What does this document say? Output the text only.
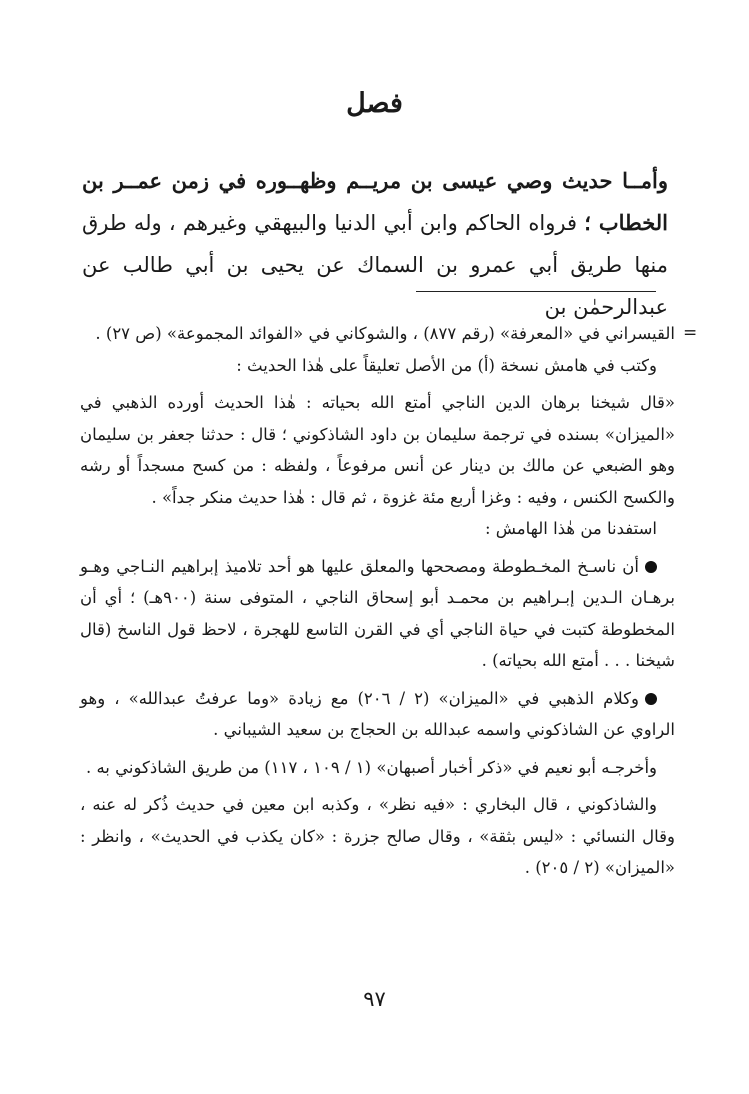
فصل

وأمــا حديث وصي عيسى بن مريــم وظهــوره في زمن عمــر بن الخطاب ؛ فرواه الحاكم وابن أبي الدنيا والبيهقي وغيرهم ، وله طرق منها طريق أبي عمرو بن السماك عن يحيى بن أبي طالب عن عبدالرحمٰن بن

=

القيسراني في «المعرفة» (رقم ٨٧٧) ، والشوكاني في «الفوائد المجموعة» (ص ٢٧) .

وكتب في هامش نسخة (أ) من الأصل تعليقاً على هٰذا الحديث :

«قال شيخنا برهان الدين الناجي أمتع الله بحياته : هٰذا الحديث أورده الذهبي في «الميزان» بسنده في ترجمة سليمان بن داود الشاذكوني ؛ قال : حدثنا جعفر بن سليمان وهو الضبعي عن مالك بن دينار عن أنس مرفوعاً ، ولفظه : من كسح مسجداً أو رشه والكسح الكنس ، وفيه : وغزا أربع مئة غزوة ، ثم قال : هٰذا حديث منكر جداً» .

استفدنا من هٰذا الهامش :

أن ناسـخ المخـطوطة ومصححها والمعلق عليها هو أحد تلاميذ إبراهيم النـاجي وهـو برهـان الـدين إبـراهيم بن محمـد أبو إسحاق الناجي ، المتوفى سنة (٩٠٠هـ) ؛ أي أن المخطوطة كتبت في حياة الناجي أي في القرن التاسع للهجرة ، لاحظ قول الناسخ (قال شيخنا . . . أمتع الله بحياته) .

وكلام الذهبي في «الميزان» (٢ / ٢٠٦) مع زيادة «وما عرفتُ عبدالله» ، وهو الراوي عن الشاذكوني واسمه عبدالله بن الحجاج بن سعيد الشيباني .

وأخرجـه أبو نعيم في «ذكر أخبار أصبهان» (١ / ١٠٩ ، ١١٧) من طريق الشاذكوني به .

والشاذكوني ، قال البخاري : «فيه نظر» ، وكذبه ابن معين في حديث ذُكر له عنه ، وقال النسائي : «ليس بثقة» ، وقال صالح جزرة : «كان يكذب في الحديث» ، وانظر : «الميزان» (٢ / ٢٠٥) .

٩٧
